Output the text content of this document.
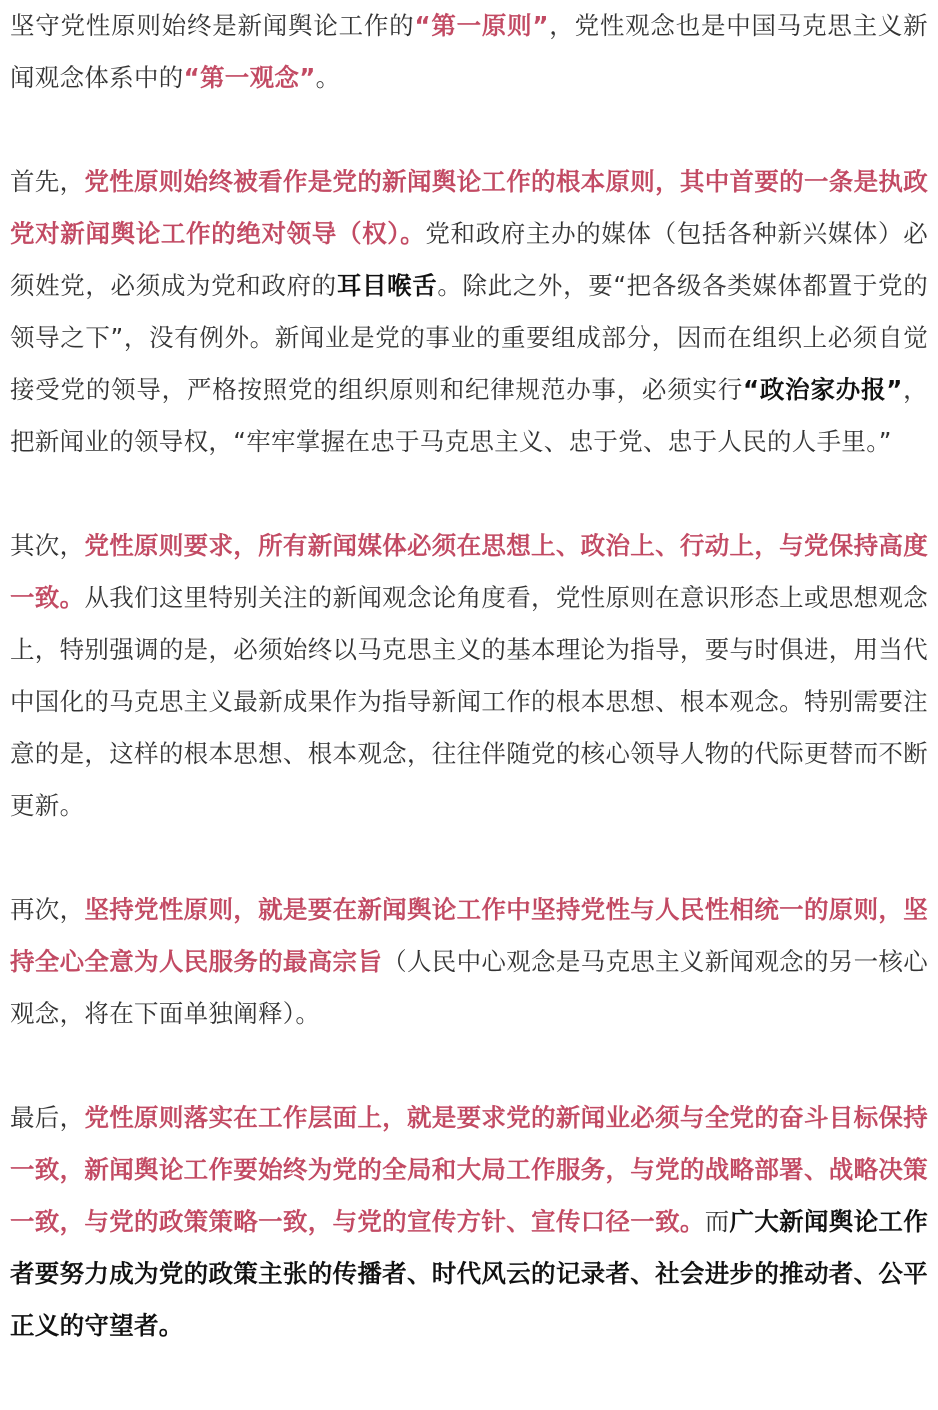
坚守党性原则始终是新闻舆论工作的“第一原则”，党性观念也是中国马克思主义新闻观念体系中的“第一观念”。

首先，党性原则始终被看作是党的新闻舆论工作的根本原则，其中首要的一条是执政党对新闻舆论工作的绝对领导（权）。党和政府主办的媒体（包括各种新兴媒体）必须姓党，必须成为党和政府的耳目喉舌。除此之外，要“把各级各类媒体都置于党的领导之下”，没有例外。新闻业是党的事业的重要组成部分，因而在组织上必须自觉接受党的领导，严格按照党的组织原则和纪律规范办事，必须实行“政治家办报”，把新闻业的领导权，“牢牢掌握在忠于马克思主义、忠于党、忠于人民的人手里。”

其次，党性原则要求，所有新闻媒体必须在思想上、政治上、行动上，与党保持高度一致。从我们这里特别关注的新闻观念论角度看，党性原则在意识形态上或思想观念上，特别强调的是，必须始终以马克思主义的基本理论为指导，要与时俱进，用当代中国化的马克思主义最新成果作为指导新闻工作的根本思想、根本观念。特别需要注意的是，这样的根本思想、根本观念，往往伴随党的核心领导人物的代际更替而不断更新。

再次，坚持党性原则，就是要在新闻舆论工作中坚持党性与人民性相统一的原则，坚持全心全意为人民服务的最高宗旨（人民中心观念是马克思主义新闻观念的另一核心观念，将在下面单独阐释）。

最后，党性原则落实在工作层面上，就是要求党的新闻业必须与全党的奋斗目标保持一致，新闻舆论工作要始终为党的全局和大局工作服务，与党的战略部署、战略决策一致，与党的政策策略一致，与党的宣传方针、宣传口径一致。而广大新闻舆论工作者要努力成为党的政策主张的传播者、时代风云的记录者、社会进步的推动者、公平正义的守望者。
